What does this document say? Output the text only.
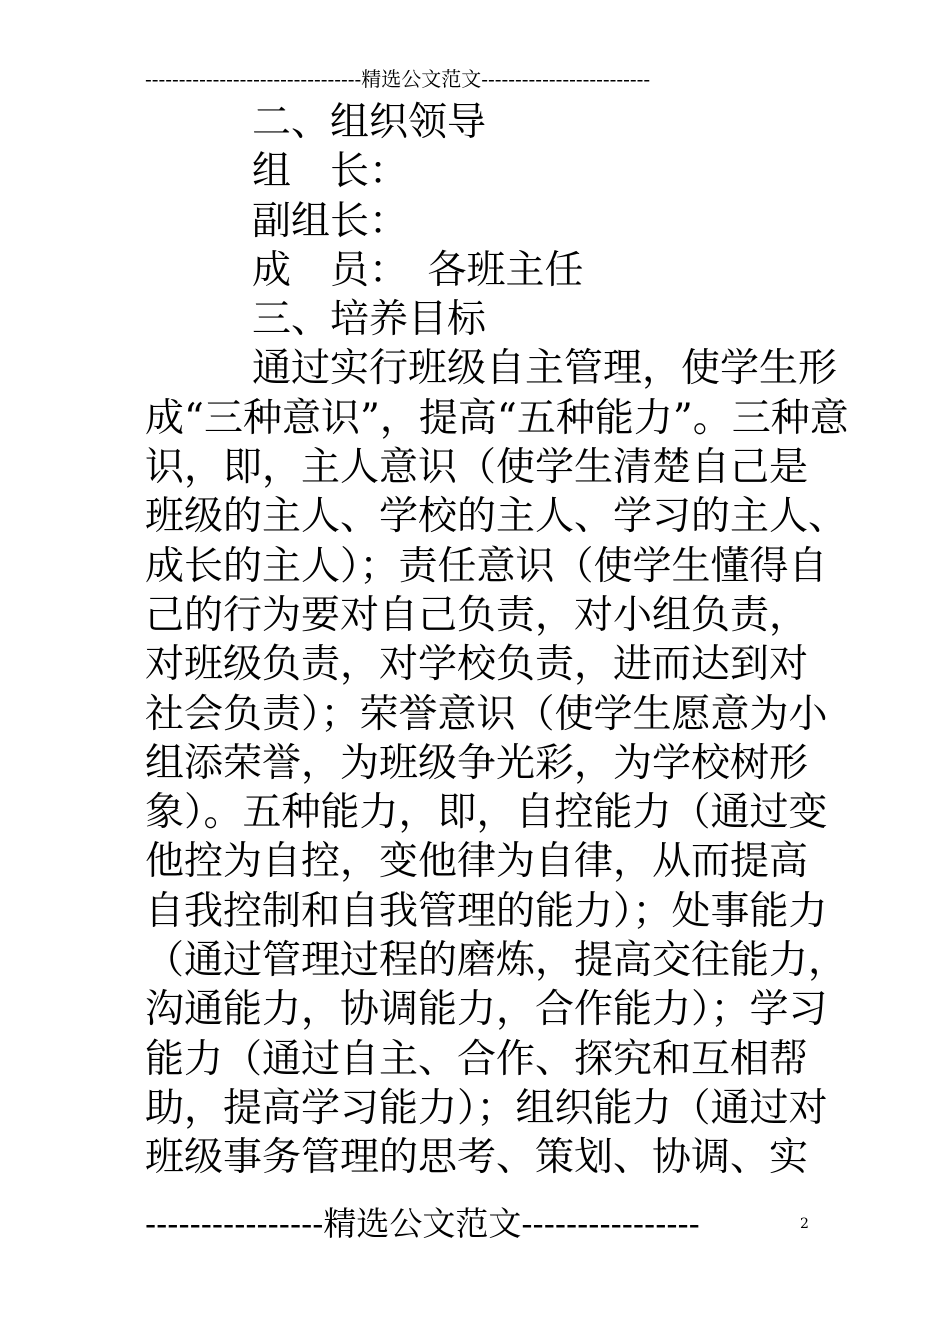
--------------------------------精选公文范文-------------------------
二、组织领导
组　长：
副组长：
成　员：　各班主任
三、培养目标
通过实行班级自主管理，使学生形
成“三种意识”，提高“五种能力”。三种意
识，即，主人意识（使学生清楚自己是
班级的主人、学校的主人、学习的主人、
成长的主人）；责任意识（使学生懂得自
己的行为要对自己负责，对小组负责，
对班级负责，对学校负责，进而达到对
社会负责）；荣誉意识（使学生愿意为小
组添荣誉，为班级争光彩，为学校树形
象）。五种能力，即，自控能力（通过变
他控为自控，变他律为自律，从而提高
自我控制和自我管理的能力）；处事能力
（通过管理过程的磨炼，提高交往能力，
沟通能力，协调能力，合作能力）；学习
能力（通过自主、合作、探究和互相帮
助，提高学习能力）；组织能力（通过对
班级事务管理的思考、策划、协调、实
----------------精选公文范文----------------	2
